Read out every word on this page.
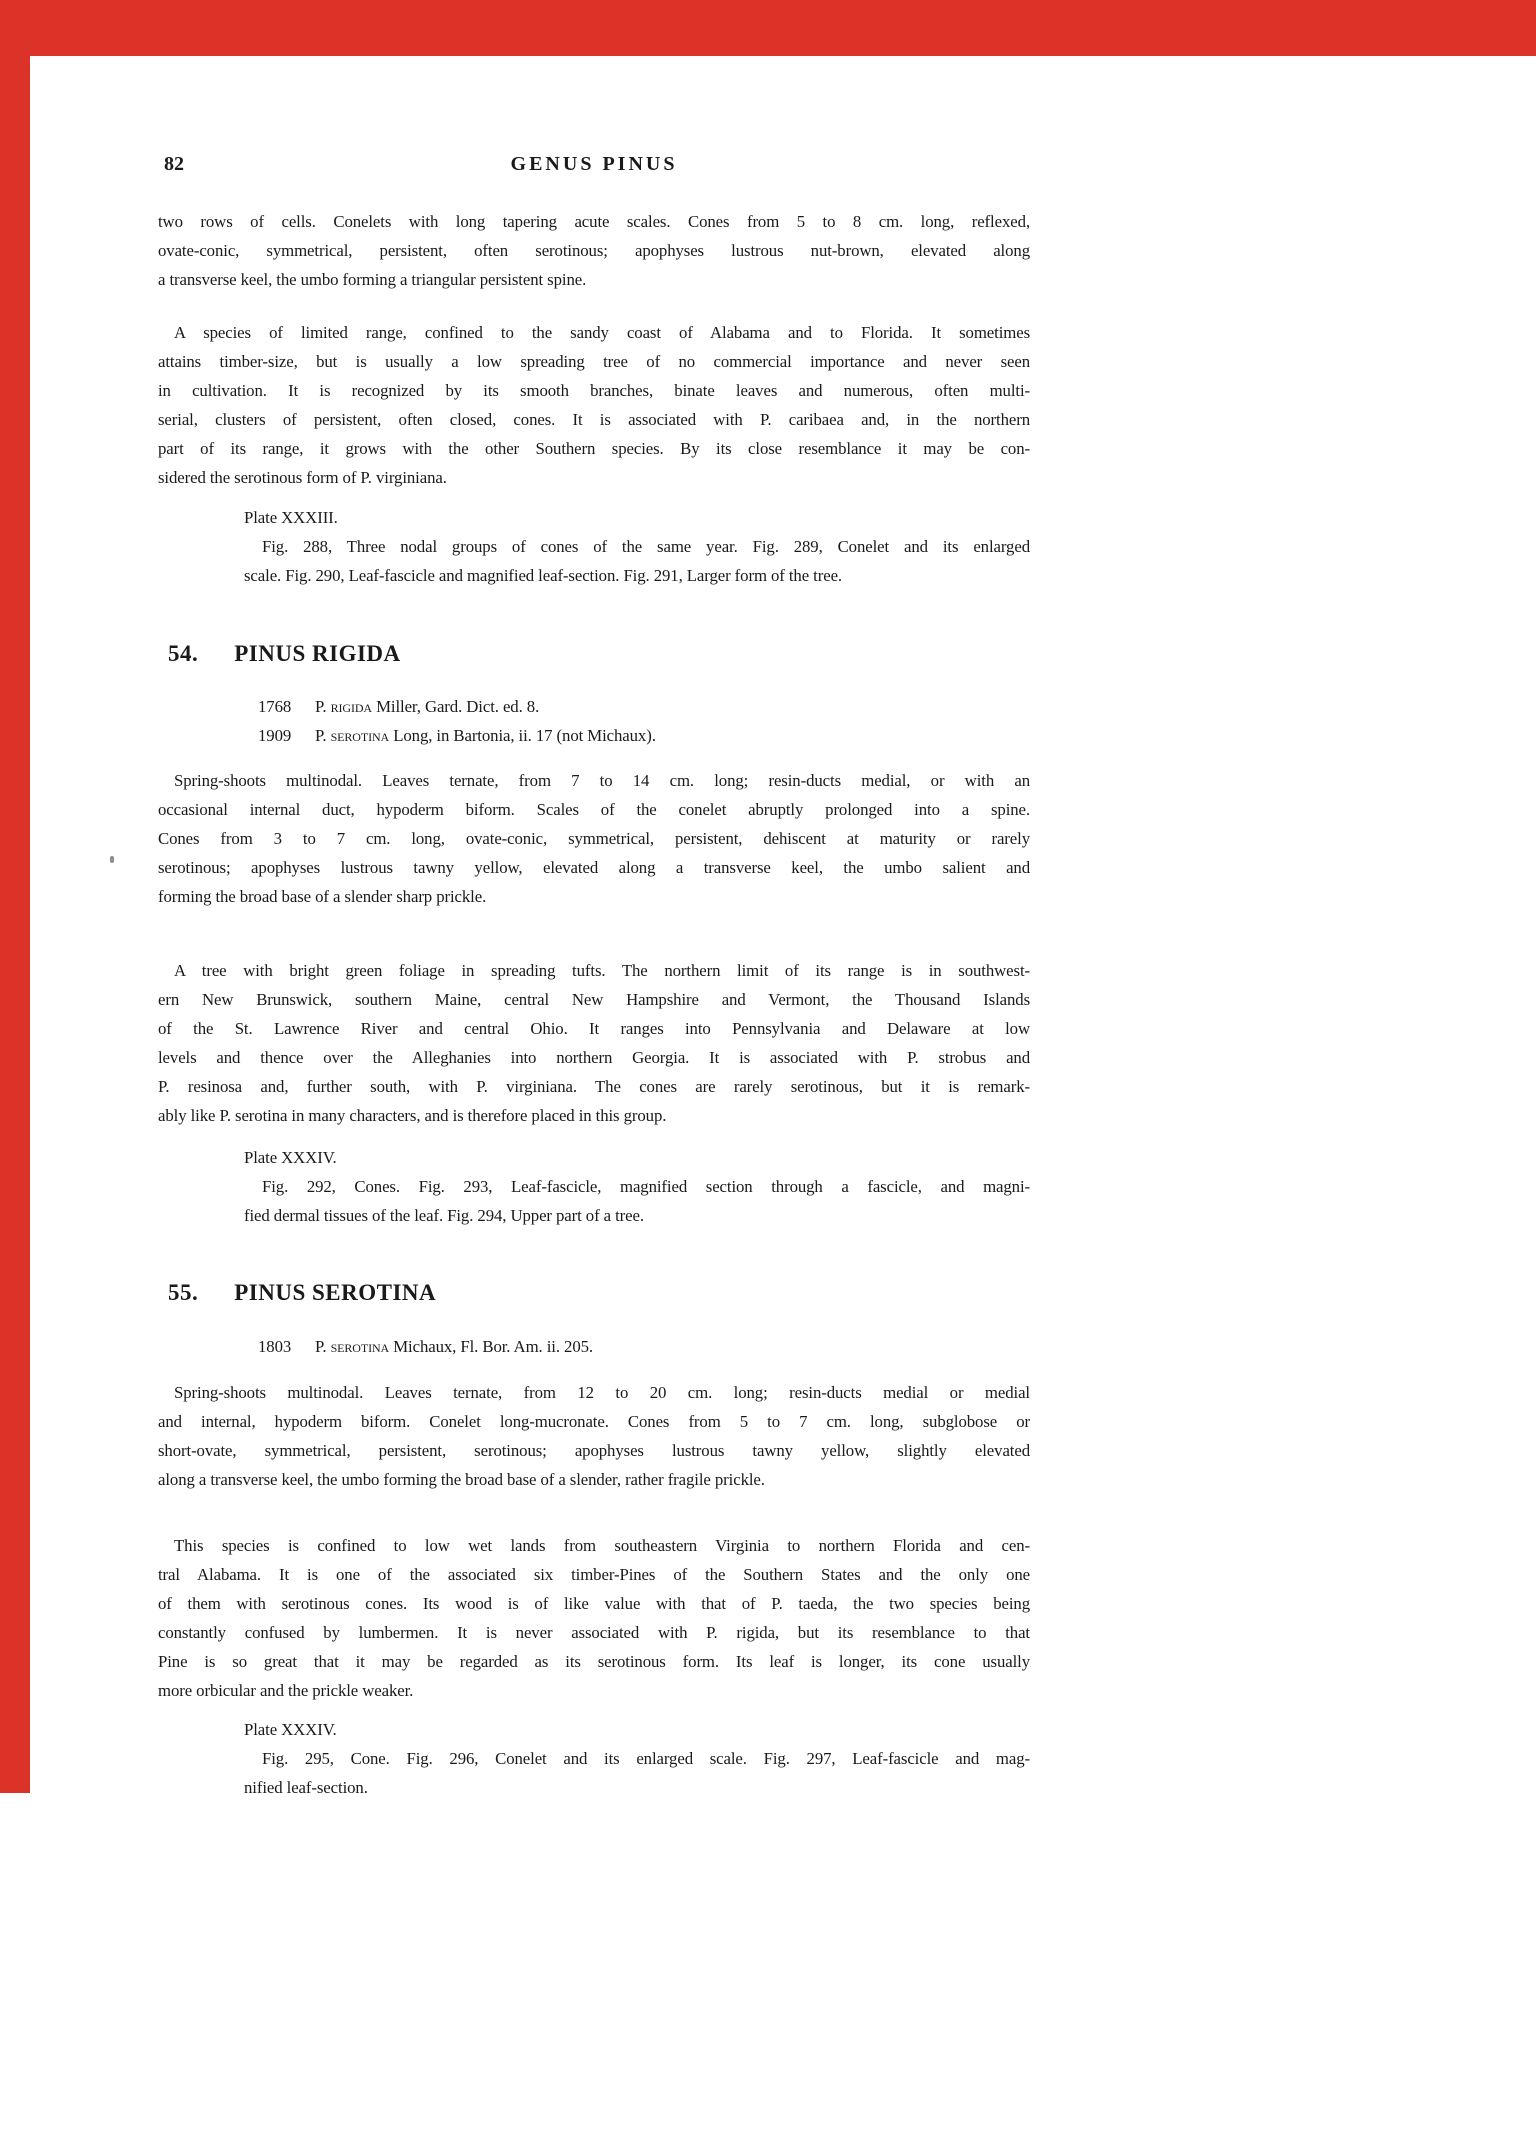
82	GENUS PINUS
two rows of cells. Conelets with long tapering acute scales. Cones from 5 to 8 cm. long, reflexed,
ovate-conic, symmetrical, persistent, often serotinous; apophyses lustrous nut-brown, elevated along
a transverse keel, the umbo forming a triangular persistent spine.
A species of limited range, confined to the sandy coast of Alabama and to Florida. It sometimes
attains timber-size, but is usually a low spreading tree of no commercial importance and never seen
in cultivation. It is recognized by its smooth branches, binate leaves and numerous, often multi-
serial, clusters of persistent, often closed, cones. It is associated with P. caribaea and, in the northern
part of its range, it grows with the other Southern species. By its close resemblance it may be con-
sidered the serotinous form of P. virginiana.
Plate XXXIII.
Fig. 288, Three nodal groups of cones of the same year. Fig. 289, Conelet and its enlarged
scale. Fig. 290, Leaf-fascicle and magnified leaf-section. Fig. 291, Larger form of the tree.
54. PINUS RIGIDA
1768	P. rigida Miller, Gard. Dict. ed. 8.
1909	P. serotina Long, in Bartonia, ii. 17 (not Michaux).
Spring-shoots multinodal. Leaves ternate, from 7 to 14 cm. long; resin-ducts medial, or with an
occasional internal duct, hypoderm biform. Scales of the conelet abruptly prolonged into a spine.
Cones from 3 to 7 cm. long, ovate-conic, symmetrical, persistent, dehiscent at maturity or rarely
serotinous; apophyses lustrous tawny yellow, elevated along a transverse keel, the umbo salient and
forming the broad base of a slender sharp prickle.
A tree with bright green foliage in spreading tufts. The northern limit of its range is in southwest-
ern New Brunswick, southern Maine, central New Hampshire and Vermont, the Thousand Islands
of the St. Lawrence River and central Ohio. It ranges into Pennsylvania and Delaware at low
levels and thence over the Alleghanies into northern Georgia. It is associated with P. strobus and
P. resinosa and, further south, with P. virginiana. The cones are rarely serotinous, but it is remark-
ably like P. serotina in many characters, and is therefore placed in this group.
Plate XXXIV.
Fig. 292, Cones. Fig. 293, Leaf-fascicle, magnified section through a fascicle, and magni-
fied dermal tissues of the leaf. Fig. 294, Upper part of a tree.
55. PINUS SEROTINA
1803	P. serotina Michaux, Fl. Bor. Am. ii. 205.
Spring-shoots multinodal. Leaves ternate, from 12 to 20 cm. long; resin-ducts medial or medial
and internal, hypoderm biform. Conelet long-mucronate. Cones from 5 to 7 cm. long, subglobose or
short-ovate, symmetrical, persistent, serotinous; apophyses lustrous tawny yellow, slightly elevated
along a transverse keel, the umbo forming the broad base of a slender, rather fragile prickle.
This species is confined to low wet lands from southeastern Virginia to northern Florida and cen-
tral Alabama. It is one of the associated six timber-Pines of the Southern States and the only one
of them with serotinous cones. Its wood is of like value with that of P. taeda, the two species being
constantly confused by lumbermen. It is never associated with P. rigida, but its resemblance to that
Pine is so great that it may be regarded as its serotinous form. Its leaf is longer, its cone usually
more orbicular and the prickle weaker.
Plate XXXIV.
Fig. 295, Cone. Fig. 296, Conelet and its enlarged scale. Fig. 297, Leaf-fascicle and mag-
nified leaf-section.
